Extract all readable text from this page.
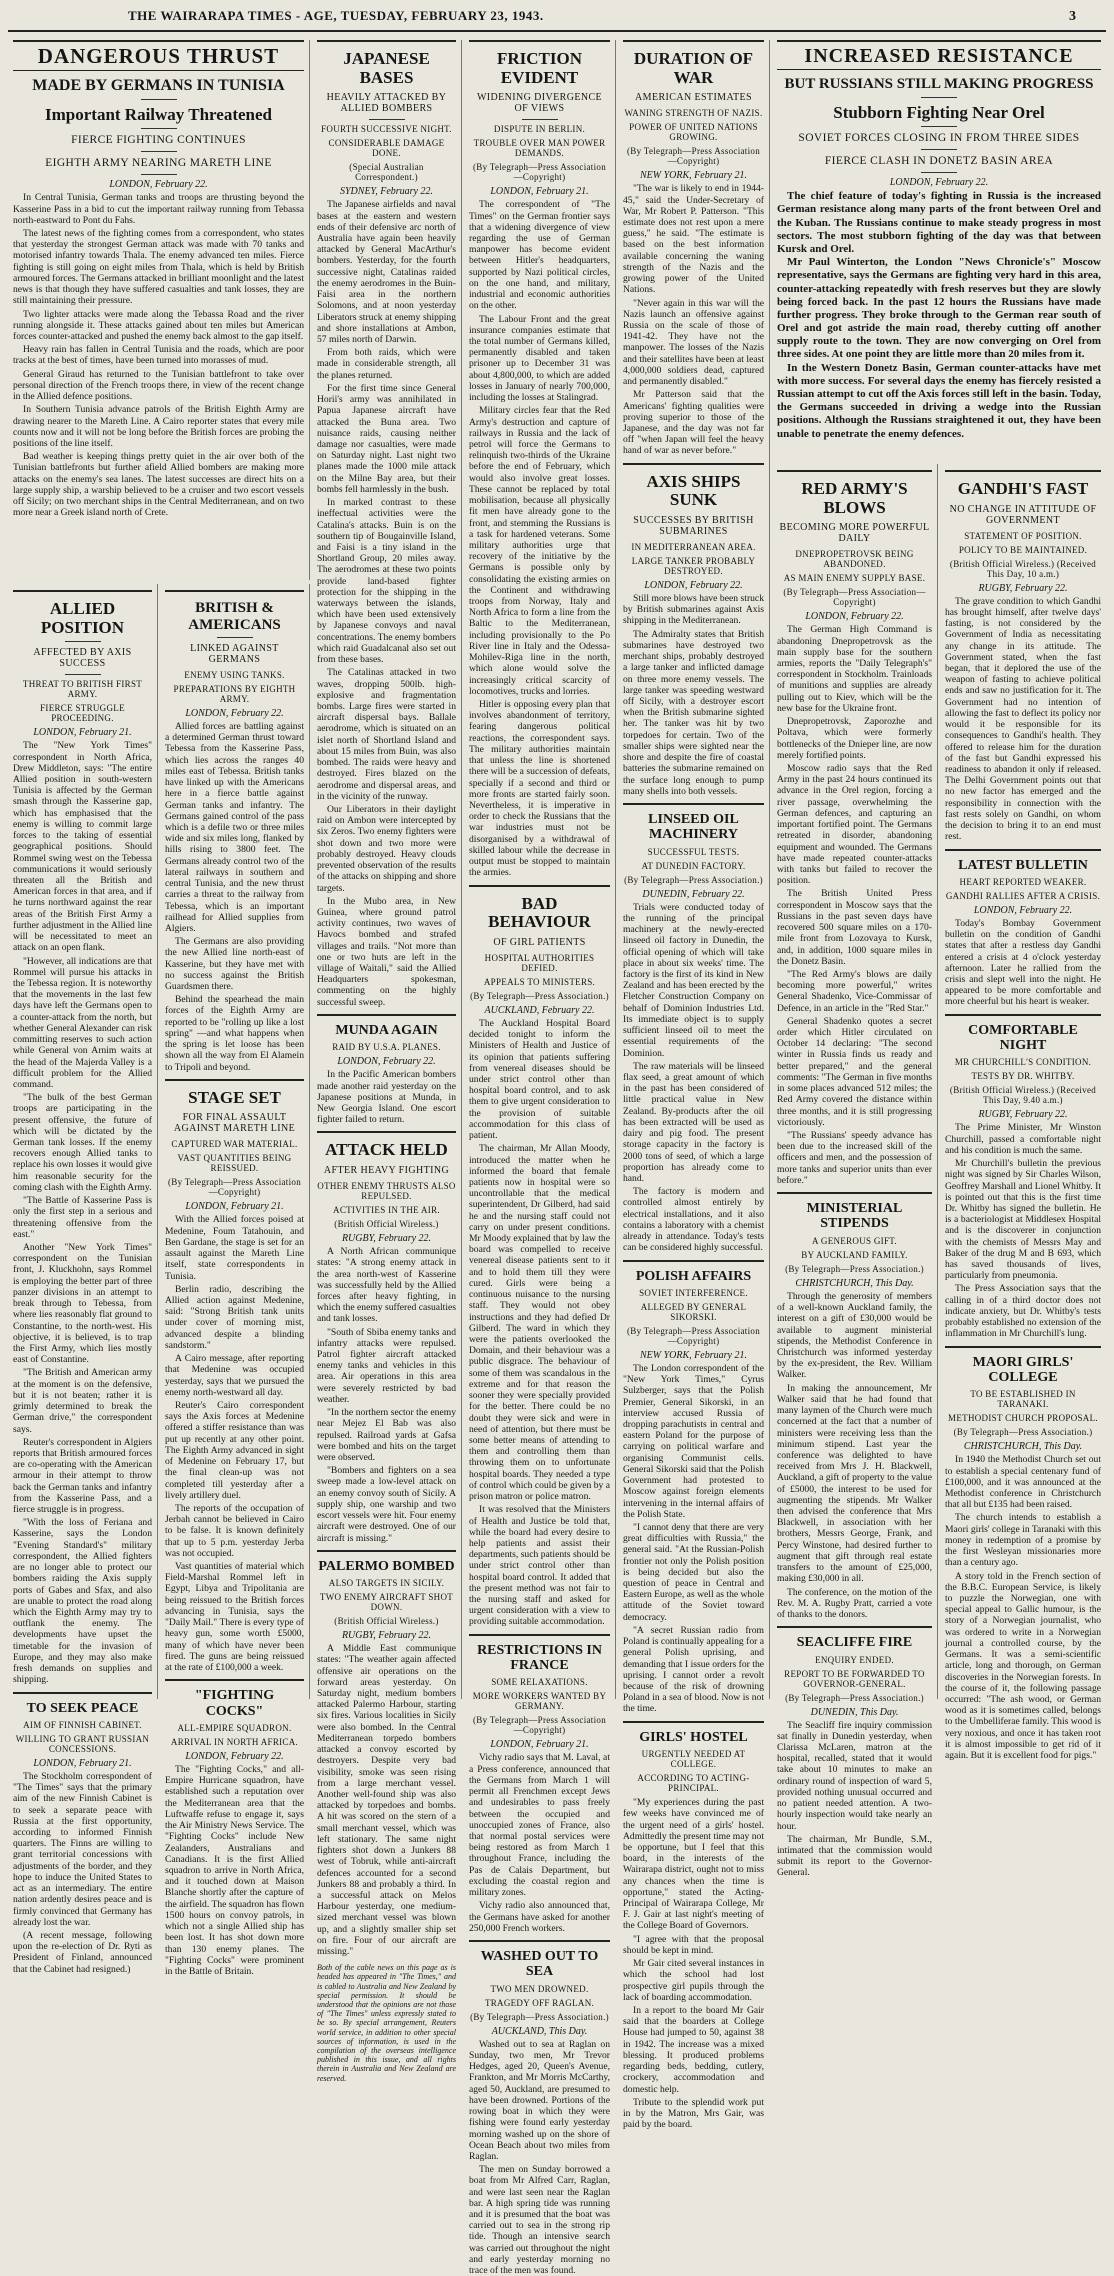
THE WAIRARAPA TIMES - AGE, TUESDAY, FEBRUARY 23, 1943.	3
DANGEROUS THRUST
MADE BY GERMANS IN TUNISIA
Important Railway Threatened
FIERCE FIGHTING CONTINUES
EIGHTH ARMY NEARING MARETH LINE
LONDON, February 22.

In Central Tunisia, German tanks and troops are thrusting beyond the Kasserine Pass in a bid to cut the important railway running from Tebassa north-eastward to Pont du Fahs.

The latest news of the fighting comes from a correspondent, who states that yesterday the strongest German attack was made with 70 tanks and motorised infantry towards Thala. The enemy advanced ten miles. Fierce fighting is still going on eight miles from Thala, which is held by British armoured forces. The Germans attacked in brilliant moonlight and the latest news is that though they have suffered casualties and tank losses, they are still maintaining their pressure.

Two lighter attacks were made along the Tebassa Road and the river running alongside it. These attacks gained about ten miles but American forces counter-attacked and pushed the enemy back almost to the gap itself.

Heavy rain has fallen in Central Tunisia and the roads, which are poor tracks at the best of times, have been turned into morasses of mud.

General Giraud has returned to the Tunisian battlefront to take over personal direction of the French troops there, in view of the recent change in the Allied defence positions.

In Southern Tunisia advance patrols of the British Eighth Army are drawing nearer to the Mareth Line. A Cairo reporter states that every mile counts now and it will not be long before the British forces are probing the positions of the line itself.

Bad weather is keeping things pretty quiet in the air over both of the Tunisian battlefronts but further afield Allied bombers are making more attacks on the enemy's sea lanes. The latest successes are direct hits on a large supply ship, a warship believed to be a cruiser and two escort vessels off Sicily; on two merchant ships in the Central Mediterranean, and on two more near a Greek island north of Crete.

ALLIED POSITION
AFFECTED BY AXIS SUCCESS
THREAT TO BRITISH FIRST ARMY.
FIERCE STRUGGLE PROCEEDING.
LONDON, February 21.

The "New York Times" correspondent in North Africa, Drew Middleton, says: "The entire Allied position in south-western Tunisia is affected by the German smash through the Kasserine gap, which has emphasised that the enemy is willing to commit large forces to the taking of essential geographical positions. Should Rommel swing west on the Tebessa communications it would seriously threaten all the British and American forces in that area, and if he turns northward against the rear areas of the British First Army a further adjustment in the Allied line will be necessitated to meet an attack on an open flank.

"However, all indications are that Rommel will pursue his attacks in the Tebessa region. It is noteworthy that the movements in the last few days have left the Germans open to a counter-attack from the north, but whether General Alexander can risk committing reserves to such action while General von Arnim waits at the head of the Majerda Valley is a difficult problem for the Allied command.

"The bulk of the best German troops are participating in the present offensive, the future of which will be dictated by the German tank losses. If the enemy recovers enough Allied tanks to replace his own losses it would give him reasonable security for the coming clash with the Eighth Army.

"The Battle of Kasserine Pass is only the first step in a serious and threatening offensive from the east."

Another "New York Times" correspondent on the Tunisian front, J. Kluckhohn, says Rommel is employing the better part of three panzer divisions in an attempt to break through to Tebessa, from where lies reasonably flat ground to Constantine, to the north-west. His objective, it is believed, is to trap the First Army, which lies mostly east of Constantine.

"The British and American army at the moment is on the defensive, but it is not beaten; rather it is grimly determined to break the German drive," the correspondent says.

Reuter's correspondent in Algiers reports that British armoured forces are co-operating with the American armour in their attempt to throw back the German tanks and infantry from the Kasserine Pass, and a fierce struggle is in progress.

"With the loss of Feriana and Kasserine, says the London "Evening Standard's" military correspondent, the Allied fighters are no longer able to protect our bombers raiding the Axis supply ports of Gabes and Sfax, and also are unable to protect the road along which the Eighth Army may try to outflank the enemy. The developments have upset the timetable for the invasion of Europe, and they may also make fresh demands on supplies and shipping.

TO SEEK PEACE
AIM OF FINNISH CABINET.
WILLING TO GRANT RUSSIAN CONCESSIONS.
LONDON, February 21.

The Stockholm correspondent of "The Times" says that the primary aim of the new Finnish Cabinet is to seek a separate peace with Russia at the first opportunity, according to informed Finnish quarters. The Finns are willing to grant territorial concessions with adjustments of the border, and they hope to induce the United States to act as an intermediary. The entire nation ardently desires peace and is firmly convinced that Germany has already lost the war.

(A recent message, following upon the re-election of Dr. Ryti as President of Finland, announced that the Cabinet had resigned.)

BRITISH & AMERICANS
LINKED AGAINST GERMANS
ENEMY USING TANKS.
PREPARATIONS BY EIGHTH ARMY.
LONDON, February 22.

Allied forces are battling against a determined German thrust toward Tebessa from the Kasserine Pass, which lies across the ranges 40 miles east of Tebessa. British tanks have linked up with the Americans here in a fierce battle against German tanks and infantry. The Germans gained control of the pass which is a defile two or three miles wide and six miles long, flanked by hills rising to 3800 feet. The Germans already control two of the lateral railways in southern and central Tunisia, and the new thrust carries a threat to the railway from Tebessa, which is an important railhead for Allied supplies from Algiers.

The Germans are also providing the new Allied line north-east of Kasserine, but they have met with no success against the British Guardsmen there.

Behind the spearhead the main forces of the Eighth Army are reported to be "rolling up like a lost spring" —and what happens when the spring is let loose has been shown all the way from El Alamein to Tripoli and beyond.

STAGE SET
FOR FINAL ASSAULT AGAINST MARETH LINE
CAPTURED WAR MATERIAL.
VAST QUANTITIES BEING REISSUED.
(By Telegraph—Press Association—Copyright)
LONDON, February 21.

With the Allied forces poised at Medenine, Foum Tatahouin, and Ben Gardane, the stage is set for an assault against the Mareth Line itself, state correspondents in Tunisia.

Berlin radio, describing the Allied action against Medenine, said: "Strong British tank units under cover of morning mist, advanced despite a blinding sandstorm."

A Cairo message, after reporting that Medenine was occupied yesterday, says that we pursued the enemy north-westward all day.

Reuter's Cairo correspondent says the Axis forces at Medenine offered a stiffer resistance than was put up recently at any other point. The Eighth Army advanced in sight of Medenine on February 17, but the final clean-up was not completed till yesterday after a lively artillery duel.

The reports of the occupation of Jerbah cannot be believed in Cairo to be false. It is known definitely that up to 5 p.m. yesterday Jerba was not occupied.

Vast quantities of material which Field-Marshal Rommel left in Egypt, Libya and Tripolitania are being reissued to the British forces advancing in Tunisia, says the "Daily Mail." There is every type of heavy gun, some worth £5000, many of which have never been fired. The guns are being reissued at the rate of £100,000 a week.

"FIGHTING COCKS"
ALL-EMPIRE SQUADRON.
ARRIVAL IN NORTH AFRICA.
LONDON, February 22.

The "Fighting Cocks," and all-Empire Hurricane squadron, have established such a reputation over the Mediterranean area that the Luftwaffe refuse to engage it, says the Air Ministry News Service. The "Fighting Cocks" include New Zealanders, Australians and Canadians. It is the first Allied squadron to arrive in North Africa, and it touched down at Maison Blanche shortly after the capture of the airfield. The squadron has flown 1500 hours on convoy patrols, in which not a single Allied ship has been lost. It has shot down more than 130 enemy planes. The "Fighting Cocks" were prominent in the Battle of Britain.

JAPANESE BASES
HEAVILY ATTACKED BY ALLIED BOMBERS
FOURTH SUCCESSIVE NIGHT.
CONSIDERABLE DAMAGE DONE.
(Special Australian Correspondent.)
SYDNEY, February 22.

The Japanese airfields and naval bases at the eastern and western ends of their defensive arc north of Australia have again been heavily attacked by General MacArthur's bombers. Yesterday, for the fourth successive night, Catalinas raided the enemy aerodromes in the Buin-Faisi area in the northern Solomons, and at noon yesterday Liberators struck at enemy shipping and shore installations at Ambon, 57 miles north of Darwin.

From both raids, which were made in considerable strength, all the planes returned.

For the first time since General Horii's army was annihilated in Papua Japanese aircraft have attacked the Buna area. Two nuisance raids, causing neither damage nor casualties, were made on Saturday night. Last night two planes made the 1000 mile attack on the Milne Bay area, but their bombs fell harmlessly in the bush.

In marked contrast to these ineffectual activities were the Catalina's attacks. Buin is on the southern tip of Bougainville Island, and Faisi is a tiny island in the Shortland Group, 20 miles away. The aerodromes at these two points provide land-based fighter protection for the shipping in the waterways between the islands, which have been used extensively by Japanese convoys and naval concentrations. The enemy bombers which raid Guadalcanal also set out from these bases.

The Catalinas attacked in two waves, dropping 500lb. high-explosive and fragmentation bombs. Large fires were started in aircraft dispersal bays. Ballale aerodrome, which is situated on an islet north of Shortland Island and about 15 miles from Buin, was also bombed. The raids were heavy and destroyed. Fires blazed on the aerodrome and dispersal areas, and in the vicinity of the runway.

Our Liberators in their daylight raid on Ambon were intercepted by six Zeros. Two enemy fighters were shot down and two more were probably destroyed. Heavy clouds prevented observation of the results of the attacks on shipping and shore targets.

In the Mubo area, in New Guinea, where ground patrol activity continues, two waves of Havocs bombed and strafed villages and trails. "Not more than one or two huts are left in the village of Waitali," said the Allied Headquarters spokesman, commenting on the highly successful sweep.

MUNDA AGAIN
RAID BY U.S.A. PLANES.
LONDON, February 22.

In the Pacific American bombers made another raid yesterday on the Japanese positions at Munda, in New Georgia Island. One escort fighter failed to return.

ATTACK HELD
AFTER HEAVY FIGHTING
OTHER ENEMY THRUSTS ALSO REPULSED.
ACTIVITIES IN THE AIR.
(British Official Wireless.)
RUGBY, February 22.

A North African communique states: "A strong enemy attack in the area north-west of Kasserine was successfully held by the Allied forces after heavy fighting, in which the enemy suffered casualties and tank losses.

"South of Sbiba enemy tanks and infantry attacks were repulsed. Patrol fighter aircraft attacked enemy tanks and vehicles in this area. Air operations in this area were severely restricted by bad weather.

"In the northern sector the enemy near Mejez El Bab was also repulsed. Railroad yards at Gafsa were bombed and hits on the target were observed.

"Bombers and fighters on a sea sweep made a low-level attack on an enemy convoy south of Sicily. A supply ship, one warship and two escort vessels were hit. Four enemy aircraft were destroyed. One of our aircraft is missing."

PALERMO BOMBED
ALSO TARGETS IN SICILY.
TWO ENEMY AIRCRAFT SHOT DOWN.
(British Official Wireless.)
RUGBY, February 22.

A Middle East communique states: "The weather again affected offensive air operations on the forward areas yesterday. On Saturday night, medium bombers attacked Palermo Harbour, starting six fires. Various localities in Sicily were also bombed. In the Central Mediterranean torpedo bombers attacked a convoy escorted by destroyers. Despite very bad visibility, smoke was seen rising from a large merchant vessel. Another well-found ship was also attacked by torpedoes and bombs. A hit was scored on the stern of a small merchant vessel, which was left stationary. The same night fighters shot down a Junkers 88 west of Tobruk, while anti-aircraft defences accounted for a second Junkers 88 and probably a third. In a successful attack on Melos Harbour yesterday, one medium-sized merchant vessel was blown up, and a slightly smaller ship set on fire. Four of our aircraft are missing."

Both of the cable news on this page as is headed has appeared in "The Times," and is cabled to Australia and New Zealand by special permission. It should be understood that the opinions are not those of "The Times" unless expressly stated to be so. By special arrangement, Reuters world service, in addition to other special sources of information, is used in the compilation of the overseas intelligence published in this issue, and all rights therein in Australia and New Zealand are reserved.

FRICTION EVIDENT
WIDENING DIVERGENCE OF VIEWS
DISPUTE IN BERLIN.
TROUBLE OVER MAN POWER DEMANDS.
(By Telegraph—Press Association—Copyright)
LONDON, February 21.

The correspondent of "The Times" on the German frontier says that a widening divergence of view regarding the use of German manpower has become evident between Hitler's headquarters, supported by Nazi political circles, on the one hand, and military, industrial and economic authorities on the other.

The Labour Front and the great insurance companies estimate that the total number of Germans killed, permanently disabled and taken prisoner up to December 31 was about 4,800,000, to which are added losses in January of nearly 700,000, including the losses at Stalingrad.

Military circles fear that the Red Army's destruction and capture of railways in Russia and the lack of petrol will force the Germans to relinquish two-thirds of the Ukraine before the end of February, which would also involve great losses. These cannot be replaced by total mobilisation, because all physically fit men have already gone to the front, and stemming the Russians is a task for hardened veterans. Some military authorities urge that recovery of the initiative by the Germans is possible only by consolidating the existing armies on the Continent and withdrawing troops from Norway, Italy and North Africa to form a line from the Baltic to the Mediterranean, including provisionally to the Po River line in Italy and the Odessa-Mohilev-Riga line in the north, which alone would solve the increasingly critical scarcity of locomotives, trucks and lorries.

Hitler is opposing every plan that involves abandonment of territory, fearing dangerous political reactions, the correspondent says. The military authorities maintain that unless the line is shortened there will be a succession of defeats, specially if a second and third or more fronts are started fairly soon. Nevertheless, it is imperative in order to check the Russians that the war industries must not be disorganised by a withdrawal of skilled labour while the decrease in output must be stopped to maintain the armies.

BAD BEHAVIOUR
OF GIRL PATIENTS
HOSPITAL AUTHORITIES DEFIED.
APPEALS TO MINISTERS.
(By Telegraph—Press Association.)
AUCKLAND, February 22.

The Auckland Hospital Board decided tonight to inform the Ministers of Health and Justice of its opinion that patients suffering from venereal diseases should be under strict control other than hospital board control, and to ask them to give urgent consideration to the provision of suitable accommodation for this class of patient.

The chairman, Mr Allan Moody, introduced the matter when he informed the board that female patients now in hospital were so uncontrollable that the medical superintendent, Dr Gilberd, had said he and the nursing staff could not carry on under present conditions. Mr Moody explained that by law the board was compelled to receive venereal disease patients sent to it and to hold them till they were cured. Girls were being a continuous nuisance to the nursing staff. They would not obey instructions and they had defied Dr Gilberd. The ward in which they were the patients overlooked the Domain, and their behaviour was a public disgrace. The behaviour of some of them was scandalous in the extreme and for that reason the sooner they were specially provided for the better. There could be no doubt they were sick and were in need of attention, but there must be some better means of attending to them and controlling them than throwing them on to unfortunate hospital boards. They needed a type of control which could be given by a prison matron or police matron.

It was resolved that the Ministers of Health and Justice be told that, while the board had every desire to help patients and assist their departments, such patients should be under strict control other than hospital board control. It added that the present method was not fair to the nursing staff and asked for urgent consideration with a view to providing suitable accommodation.

RESTRICTIONS IN FRANCE
SOME RELAXATIONS.
MORE WORKERS WANTED BY GERMANY.
(By Telegraph—Press Association—Copyright)
LONDON, February 21.

Vichy radio says that M. Laval, at a Press conference, announced that the Germans from March 1 will permit all Frenchmen except Jews and undesirables to pass freely between the occupied and unoccupied zones of France, also that normal postal services were being restored as from March 1 throughout France, including the Pas de Calais Department, but excluding the coastal region and military zones.

Vichy radio also announced that, the Germans have asked for another 250,000 French workers.

WASHED OUT TO SEA
TWO MEN DROWNED.
TRAGEDY OFF RAGLAN.
(By Telegraph—Press Association.)
AUCKLAND, This Day.

Washed out to sea at Raglan on Sunday, two men, Mr Trevor Hedges, aged 20, Queen's Avenue, Frankton, and Mr Morris McCarthy, aged 50, Auckland, are presumed to have been drowned. Portions of the rowing boat in which they were fishing were found early yesterday morning washed up on the shore of Ocean Beach about two miles from Raglan.

The men on Sunday borrowed a boat from Mr Alfred Carr, Raglan, and were last seen near the Raglan bar. A high spring tide was running and it is presumed that the boat was carried out to sea in the strong rip tide. Though an intensive search was carried out throughout the night and early yesterday morning no trace of the men was found.

DURATION OF WAR
AMERICAN ESTIMATES
WANING STRENGTH OF NAZIS.
POWER OF UNITED NATIONS GROWING.
(By Telegraph—Press Association—Copyright)
NEW YORK, February 21.

"The war is likely to end in 1944-45," said the Under-Secretary of War, Mr Robert P. Patterson. "This estimate does not rest upon a mere guess," he said. "The estimate is based on the best information available concerning the waning strength of the Nazis and the growing power of the United Nations.

"Never again in this war will the Nazis launch an offensive against Russia on the scale of those of 1941-42. They have not the manpower. The losses of the Nazis and their satellites have been at least 4,000,000 soldiers dead, captured and permanently disabled."

Mr Patterson said that the Americans' fighting qualities were proving superior to those of the Japanese, and the day was not far off "when Japan will feel the heavy hand of war as never before."

AXIS SHIPS SUNK
SUCCESSES BY BRITISH SUBMARINES
IN MEDITERRANEAN AREA.
LARGE TANKER PROBABLY DESTROYED.
LONDON, February 22.

Still more blows have been struck by British submarines against Axis shipping in the Mediterranean.

The Admiralty states that British submarines have destroyed two merchant ships, probably destroyed a large tanker and inflicted damage on three more enemy vessels. The large tanker was speeding westward off Sicily, with a destroyer escort when the British submarine sighted her. The tanker was hit by two torpedoes for certain. Two of the smaller ships were sighted near the shore and despite the fire of coastal batteries the submarine remained on the surface long enough to pump many shells into both vessels.

LINSEED OIL MACHINERY
SUCCESSFUL TESTS.
AT DUNEDIN FACTORY.
(By Telegraph—Press Association.)
DUNEDIN, February 22.

Trials were conducted today of the running of the principal machinery at the newly-erected linseed oil factory in Dunedin, the official opening of which will take place in about six weeks' time. The factory is the first of its kind in New Zealand and has been erected by the Fletcher Construction Company on behalf of Dominion Industries Ltd. Its immediate object is to supply sufficient linseed oil to meet the essential requirements of the Dominion.

The raw materials will be linseed flax seed, a great amount of which in the past has been considered of little practical value in New Zealand. By-products after the oil has been extracted will be used as dairy and pig food. The present storage capacity in the factory is 2000 tons of seed, of which a large proportion has already come to hand.

The factory is modern and controlled almost entirely by electrical installations, and it also contains a laboratory with a chemist already in attendance. Today's tests can be considered highly successful.

POLISH AFFAIRS
SOVIET INTERFERENCE.
ALLEGED BY GENERAL SIKORSKI.
(By Telegraph—Press Association—Copyright)
NEW YORK, February 21.

The London correspondent of the "New York Times," Cyrus Sulzberger, says that the Polish Premier, General Sikorski, in an interview accused Russia of dropping parachutists in central and eastern Poland for the purpose of carrying on political warfare and organising Communist cells. General Sikorski said that the Polish Government had protested to Moscow against foreign elements intervening in the internal affairs of the Polish State.

"I cannot deny that there are very great difficulties with Russia," the general said. "At the Russian-Polish frontier not only the Polish position is being decided but also the question of peace in Central and Eastern Europe, as well as the whole attitude of the Soviet toward democracy.

"A secret Russian radio from Poland is continually appealing for a general Polish uprising, and demanding that I issue orders for the uprising. I cannot order a revolt because of the risk of drowning Poland in a sea of blood. Now is not the time.

GIRLS' HOSTEL
URGENTLY NEEDED AT COLLEGE.
ACCORDING TO ACTING-PRINCIPAL.

"My experiences during the past few weeks have convinced me of the urgent need of a girls' hostel. Admittedly the present time may not be opportune, but I feel that this board, in the interests of the Wairarapa district, ought not to miss any chances when the time is opportune," stated the Acting-Principal of Wairarapa College, Mr F. J. Gair at last night's meeting of the College Board of Governors.

"I agree with that the proposal should be kept in mind.

Mr Gair cited several instances in which the school had lost prospective girl pupils through the lack of boarding accommodation.

In a report to the board Mr Gair said that the boarders at College House had jumped to 50, against 38 in 1942. The increase was a mixed blessing. It produced problems regarding beds, bedding, cutlery, crockery, accommodation and domestic help.

Tribute to the splendid work put in by the Matron, Mrs Gair, was paid by the board.

INCREASED RESISTANCE
BUT RUSSIANS STILL MAKING PROGRESS
Stubborn Fighting Near Orel
SOVIET FORCES CLOSING IN FROM THREE SIDES
FIERCE CLASH IN DONETZ BASIN AREA
LONDON, February 22.

The chief feature of today's fighting in Russia is the increased German resistance along many parts of the front between Orel and the Kuban. The Russians continue to make steady progress in most sectors. The most stubborn fighting of the day was that between Kursk and Orel.

Mr Paul Winterton, the London "News Chronicle's" Moscow representative, says the Germans are fighting very hard in this area, counter-attacking repeatedly with fresh reserves but they are slowly being forced back. In the past 12 hours the Russians have made further progress. They broke through to the German rear south of Orel and got astride the main road, thereby cutting off another supply route to the town. They are now converging on Orel from three sides. At one point they are little more than 20 miles from it.

In the Western Donetz Basin, German counter-attacks have met with more success. For several days the enemy has fiercely resisted a Russian attempt to cut off the Axis forces still left in the basin. Today, the Germans succeeded in driving a wedge into the Russian positions. Although the Russians straightened it out, they have been unable to penetrate the enemy defences.

RED ARMY'S BLOWS
BECOMING MORE POWERFUL DAILY
DNEPROPETROVSK BEING ABANDONED.
AS MAIN ENEMY SUPPLY BASE.
(By Telegraph—Press Association—Copyright)
LONDON, February 22.

The German High Command is abandoning Dnepropetrovsk as the main supply base for the southern armies, reports the "Daily Telegraph's" correspondent in Stockholm. Trainloads of munitions and supplies are already pulling out to Kiev, which will be the new base for the Ukraine front.

Dnepropetrovsk, Zaporozhe and Poltava, which were formerly bottlenecks of the Dnieper line, are now merely fortified points.

Moscow radio says that the Red Army in the past 24 hours continued its advance in the Orel region, forcing a river passage, overwhelming the German defences, and capturing an important fortified point. The Germans retreated in disorder, abandoning equipment and wounded. The Germans have made repeated counter-attacks with tanks but failed to recover the position.

The British United Press correspondent in Moscow says that the Russians in the past seven days have recovered 500 square miles on a 170-mile front from Lozovaya to Kursk, and, in addition, 1000 square miles in the Donetz Basin.

"The Red Army's blows are daily becoming more powerful," writes General Shadenko, Vice-Commissar of Defence, in an article in the "Red Star."

General Shadenko quotes a secret order which Hitler circulated on October 14 declaring: "The second winter in Russia finds us ready and better prepared," and the general comments: "The German in five months in some places advanced 512 miles; the Red Army covered the distance within three months, and it is still progressing victoriously.

"The Russians' speedy advance has been due to the increased skill of the officers and men, and the possession of more tanks and superior units than ever before."

MINISTERIAL STIPENDS
A GENEROUS GIFT.
BY AUCKLAND FAMILY.
(By Telegraph—Press Association.)
CHRISTCHURCH, This Day.

Through the generosity of members of a well-known Auckland family, the interest on a gift of £30,000 would be available to augment ministerial stipends, the Methodist Conference in Christchurch was informed yesterday by the ex-president, the Rev. William Walker.

In making the announcement, Mr Walker said that he had found that many laymen of the Church were much concerned at the fact that a number of ministers were receiving less than the minimum stipend. Last year the conference was delighted to have received from Mrs J. H. Blackwell, Auckland, a gift of property to the value of £5000, the interest to be used for augmenting the stipends. Mr Walker then advised the conference that Mrs Blackwell, in association with her brothers, Messrs George, Frank, and Percy Winstone, had desired further to augment that gift through real estate transfers to the amount of £25,000, making £30,000 in all.

The conference, on the motion of the Rev. M. A. Rugby Pratt, carried a vote of thanks to the donors.

SEACLIFFE FIRE
ENQUIRY ENDED.
REPORT TO BE FORWARDED TO GOVERNOR-GENERAL.
(By Telegraph—Press Association.)
DUNEDIN, This Day.

The Seacliff fire inquiry commission sat finally in Dunedin yesterday, when Clarissa McLaren, matron at the hospital, recalled, stated that it would take about 10 minutes to make an ordinary round of inspection of ward 5, provided nothing unusual occurred and no patient needed attention. A two-hourly inspection would take nearly an hour.

The chairman, Mr Bundle, S.M., intimated that the commission would submit its report to the Governor-General.

GANDHI'S FAST
NO CHANGE IN ATTITUDE OF GOVERNMENT
STATEMENT OF POSITION.
POLICY TO BE MAINTAINED.
(British Official Wireless.) (Received This Day, 10 a.m.)
RUGBY, February 22.

The grave condition to which Gandhi has brought himself, after twelve days' fasting, is not considered by the Government of India as necessitating any change in its attitude. The Government stated, when the fast began, that it deplored the use of the weapon of fasting to achieve political ends and saw no justification for it. The Government had no intention of allowing the fast to deflect its policy nor would it be responsible for its consequences to Gandhi's health. They offered to release him for the duration of the fast but Gandhi expressed his readiness to abandon it only if released. The Delhi Government points out that no new factor has emerged and the responsibility in connection with the fast rests solely on Gandhi, on whom the decision to bring it to an end must rest.

LATEST BULLETIN
HEART REPORTED WEAKER.
GANDHI RALLIES AFTER A CRISIS.
LONDON, February 22.

Today's Bombay Government bulletin on the condition of Gandhi states that after a restless day Gandhi entered a crisis at 4 o'clock yesterday afternoon. Later he rallied from the crisis and slept well into the night. He appeared to be more comfortable and more cheerful but his heart is weaker.

COMFORTABLE NIGHT
MR CHURCHILL'S CONDITION.
TESTS BY DR. WHITBY.
(British Official Wireless.) (Received This Day, 9.40 a.m.)
RUGBY, February 22.

The Prime Minister, Mr Winston Churchill, passed a comfortable night and his condition is much the same.

Mr Churchill's bulletin the previous night was signed by Sir Charles Wilson, Geoffrey Marshall and Lionel Whitby. It is pointed out that this is the first time Dr. Whitby has signed the bulletin. He is a bacteriologist at Middlesex Hospital and is the discoverer in conjunction with the chemists of Messrs May and Baker of the drug M and B 693, which has saved thousands of lives, particularly from pneumonia.

The Press Association says that the calling in of a third doctor does not indicate anxiety, but Dr. Whitby's tests probably established no extension of the inflammation in Mr Churchill's lung.

MAORI GIRLS' COLLEGE
TO BE ESTABLISHED IN TARANAKI.
METHODIST CHURCH PROPOSAL.
(By Telegraph—Press Association.)
CHRISTCHURCH, This Day.

In 1940 the Methodist Church set out to establish a special centenary fund of £100,000, and it was announced at the Methodist conference in Christchurch that all but £135 had been raised.

The church intends to establish a Maori girls' college in Taranaki with this money in redemption of a promise by the first Wesleyan missionaries more than a century ago.

A story told in the French section of the B.B.C. European Service, is likely to puzzle the Norwegian, one with special appeal to Gallic humour, is the story of a Norwegian journalist, who was ordered to write in a Norwegian journal a controlled course, by the Germans. It was a semi-scientific article, long and thorough, on German discoveries in the Norwegian forests. In the course of it, the following passage occurred: "The ash wood, or German wood as it is sometimes called, belongs to the Umbelliferae family. This wood is very noxious, and once it has taken root it is almost impossible to get rid of it again. But it is excellent food for pigs."
